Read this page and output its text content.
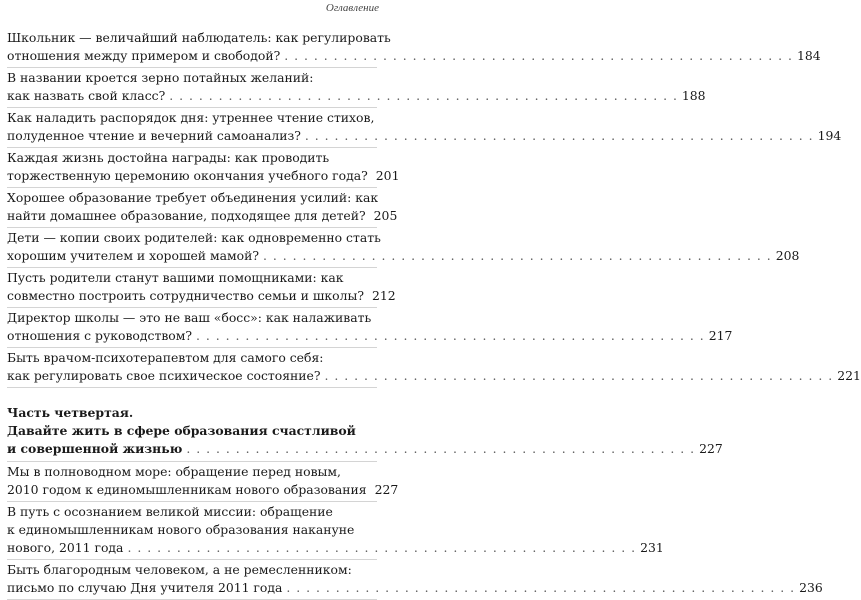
Оглавление
Школьник — величайший наблюдатель: как регулировать
отношения между примером и свободой? . . . . . . . . . . . . . . . . . . . . . . . . . . . . . . . . . . . . . . . . . . . . . . . . . . . . 184
В названии кроется зерно потайных желаний:
как назвать свой класс? . . . . . . . . . . . . . . . . . . . . . . . . . . . . . . . . . . . . . . . . . . . . . . . . . . . . 188
Как наладить распорядок дня: утреннее чтение стихов,
полуденное чтение и вечерний самоанализ? . . . . . . . . . . . . . . . . . . . . . . . . . . . . . . . . . . . . . . . . . . . . . . . . . . . . 194
Каждая жизнь достойна награды: как проводить
торжественную церемонию окончания учебного года? 201
Хорошее образование требует объединения усилий: как
найти домашнее образование, подходящее для детей? 205
Дети — копии своих родителей: как одновременно стать
хорошим учителем и хорошей мамой? . . . . . . . . . . . . . . . . . . . . . . . . . . . . . . . . . . . . . . . . . . . . . . . . . . . . 208
Пусть родители станут вашими помощниками: как
совместно построить сотрудничество семьи и школы? 212
Директор школы — это не ваш «босс»: как налаживать
отношения с руководством? . . . . . . . . . . . . . . . . . . . . . . . . . . . . . . . . . . . . . . . . . . . . . . . . . . . . 217
Быть врачом-психотерапевтом для самого себя:
как регулировать свое психическое состояние? . . . . . . . . . . . . . . . . . . . . . . . . . . . . . . . . . . . . . . . . . . . . . . . . . . . . 221
Часть четвертая.
Давайте жить в сфере образования счастливой
и совершенной жизнью . . . . . . . . . . . . . . . . . . . . . . . . . . . . . . . . . . . . . . . . . . . . . . . . . . . . 227
Мы в полноводном море: обращение перед новым,
2010 годом к единомышленникам нового образования 227
В путь с осознанием великой миссии: обращение
к единомышленникам нового образования накануне
нового, 2011 года . . . . . . . . . . . . . . . . . . . . . . . . . . . . . . . . . . . . . . . . . . . . . . . . . . . . 231
Быть благородным человеком, а не ремесленником:
письмо по случаю Дня учителя 2011 года . . . . . . . . . . . . . . . . . . . . . . . . . . . . . . . . . . . . . . . . . . . . . . . . . . . . 236
